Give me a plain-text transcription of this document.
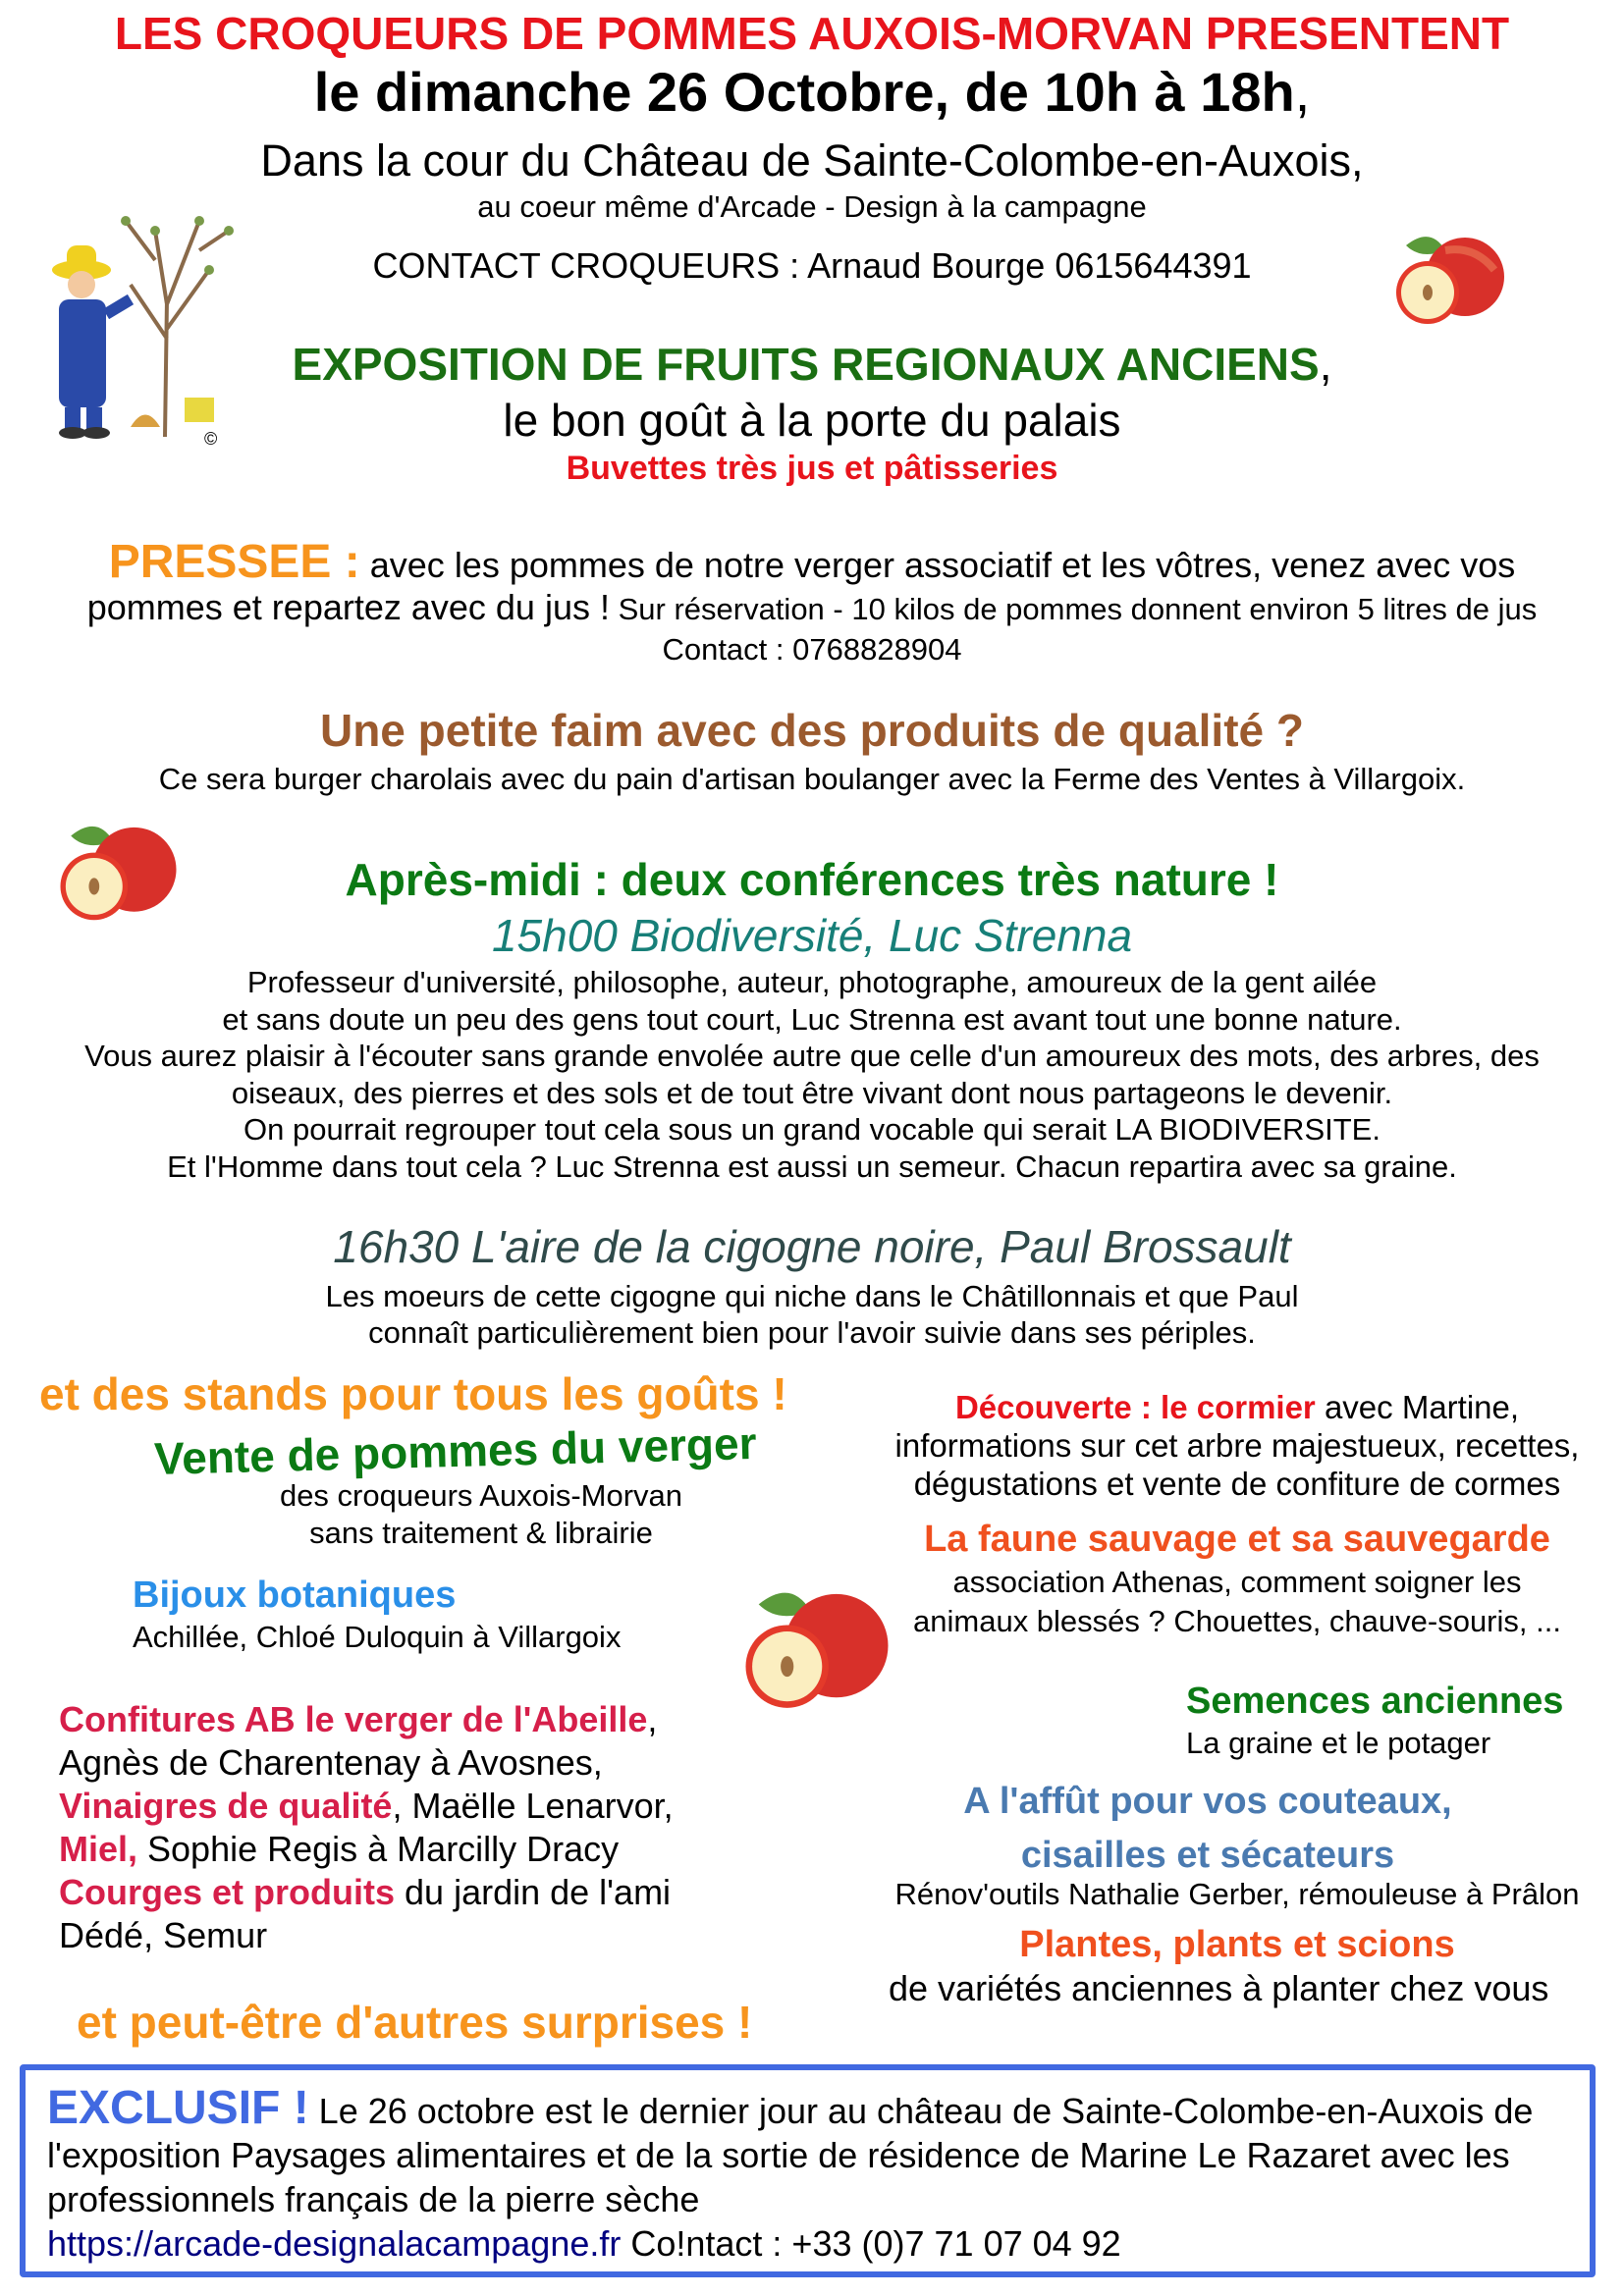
LES CROQUEURS DE POMMES AUXOIS-MORVAN PRESENTENT
le dimanche 26 Octobre, de 10h à 18h,
Dans la cour du Château de Sainte-Colombe-en-Auxois,
au coeur même d'Arcade - Design à la campagne
CONTACT CROQUEURS : Arnaud Bourge 0615644391
EXPOSITION DE FRUITS REGIONAUX ANCIENS,
le bon goût à la porte du palais
Buvettes très jus et pâtisseries
PRESSEE : avec les pommes de notre verger associatif et les vôtres, venez avec vos
pommes et repartez avec du jus ! Sur réservation - 10 kilos de pommes donnent environ 5 litres de jus
Contact : 0768828904
Une petite faim avec des produits de qualité ?
Ce sera burger charolais avec du pain d'artisan boulanger avec la Ferme des Ventes à Villargoix.
Après-midi : deux conférences très nature !
15h00 Biodiversité, Luc Strenna
Professeur d'université, philosophe, auteur, photographe, amoureux de la gent ailée
et sans doute un peu des gens tout court, Luc Strenna est avant tout une bonne nature.
Vous aurez plaisir à l'écouter sans grande envolée autre que celle d'un amoureux des mots, des arbres, des
oiseaux, des pierres et des sols et de tout être vivant dont nous partageons le devenir.
On pourrait regrouper tout cela sous un grand vocable qui serait LA BIODIVERSITE.
Et l'Homme dans tout cela ? Luc Strenna est aussi un semeur. Chacun repartira avec sa graine.
16h30 L'aire de la cigogne noire, Paul Brossault
Les moeurs de cette cigogne qui niche dans le Châtillonnais et que Paul
connaît particulièrement bien pour l'avoir suivie dans ses périples.
et des stands pour tous les goûts !
Vente de pommes du verger
des croqueurs Auxois-Morvan
sans traitement & librairie
Bijoux botaniques
Achillée, Chloé Duloquin à Villargoix
Confitures AB le verger de l'Abeille,
Agnès de Charentenay à Avosnes,
Vinaigres de qualité, Maëlle Lenarvor,
Miel, Sophie Regis à Marcilly Dracy
Courges et produits du jardin de l'ami
Dédé, Semur
et peut-être d'autres surprises !
Découverte : le cormier avec Martine,
informations sur cet arbre majestueux, recettes,
dégustations et vente de confiture de cormes
La faune sauvage et sa sauvegarde
association Athenas, comment soigner les
animaux blessés ? Chouettes, chauve-souris, ...
Semences anciennes
La graine et le potager
A l'affût pour vos couteaux,
cisailles et sécateurs
Rénov'outils Nathalie Gerber, rémouleuse à Prâlon
Plantes, plants et scions
de variétés anciennes à planter chez vous
©
EXCLUSIF ! Le 26 octobre est le dernier jour au château de Sainte-Colombe-en-Auxois de l'exposition Paysages alimentaires et de la sortie de résidence de Marine Le Razaret avec les professionnels français de la pierre sèche
https://arcade-designalacampagne.fr Co!ntact : +33 (0)7 71 07 04 92
